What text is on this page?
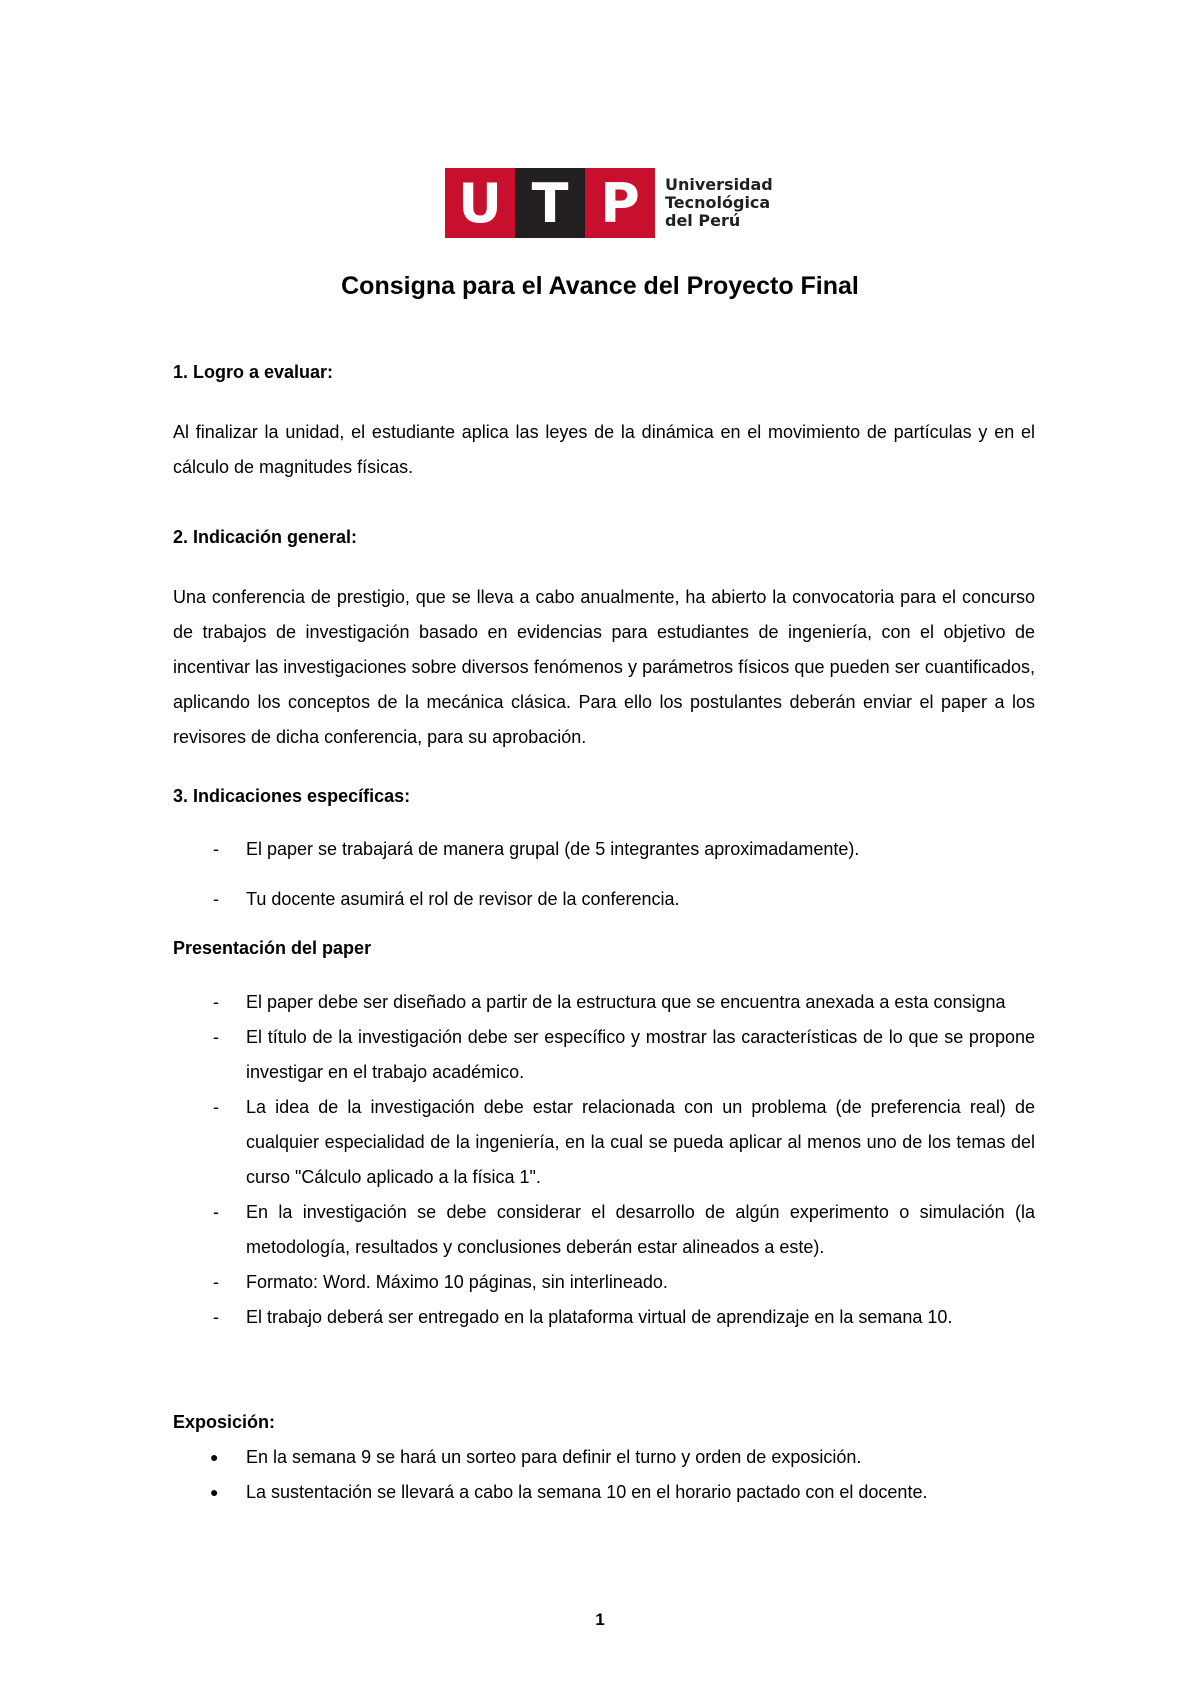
U T P	Universidad
Tecnológica
del Perú
Consigna para el Avance del Proyecto Final
1. Logro a evaluar:

Al finalizar la unidad, el estudiante aplica las leyes de la dinámica en el movimiento de partículas y en el cálculo de magnitudes físicas.

2. Indicación general:

Una conferencia de prestigio, que se lleva a cabo anualmente, ha abierto la convocatoria para el concurso de trabajos de investigación basado en evidencias para estudiantes de ingeniería, con el objetivo de incentivar las investigaciones sobre diversos fenómenos y parámetros físicos que pueden ser cuantificados, aplicando los conceptos de la mecánica clásica. Para ello los postulantes deberán enviar el paper a los revisores de dicha conferencia, para su aprobación.

3. Indicaciones específicas:
- El paper se trabajará de manera grupal (de 5 integrantes aproximadamente).
- Tu docente asumirá el rol de revisor de la conferencia.
Presentación del paper
- El paper debe ser diseñado a partir de la estructura que se encuentra anexada a esta consigna
- El título de la investigación debe ser específico y mostrar las características de lo que se propone investigar en el trabajo académico.
- La idea de la investigación debe estar relacionada con un problema (de preferencia real) de cualquier especialidad de la ingeniería, en la cual se pueda aplicar al menos uno de los temas del curso "Cálculo aplicado a la física 1".
- En la investigación se debe considerar el desarrollo de algún experimento o simulación (la metodología, resultados y conclusiones deberán estar alineados a este).
- Formato: Word. Máximo 10 páginas, sin interlineado.
- El trabajo deberá ser entregado en la plataforma virtual de aprendizaje en la semana 10.
Exposición:
● En la semana 9 se hará un sorteo para definir el turno y orden de exposición.
● La sustentación se llevará a cabo la semana 10 en el horario pactado con el docente.
1
